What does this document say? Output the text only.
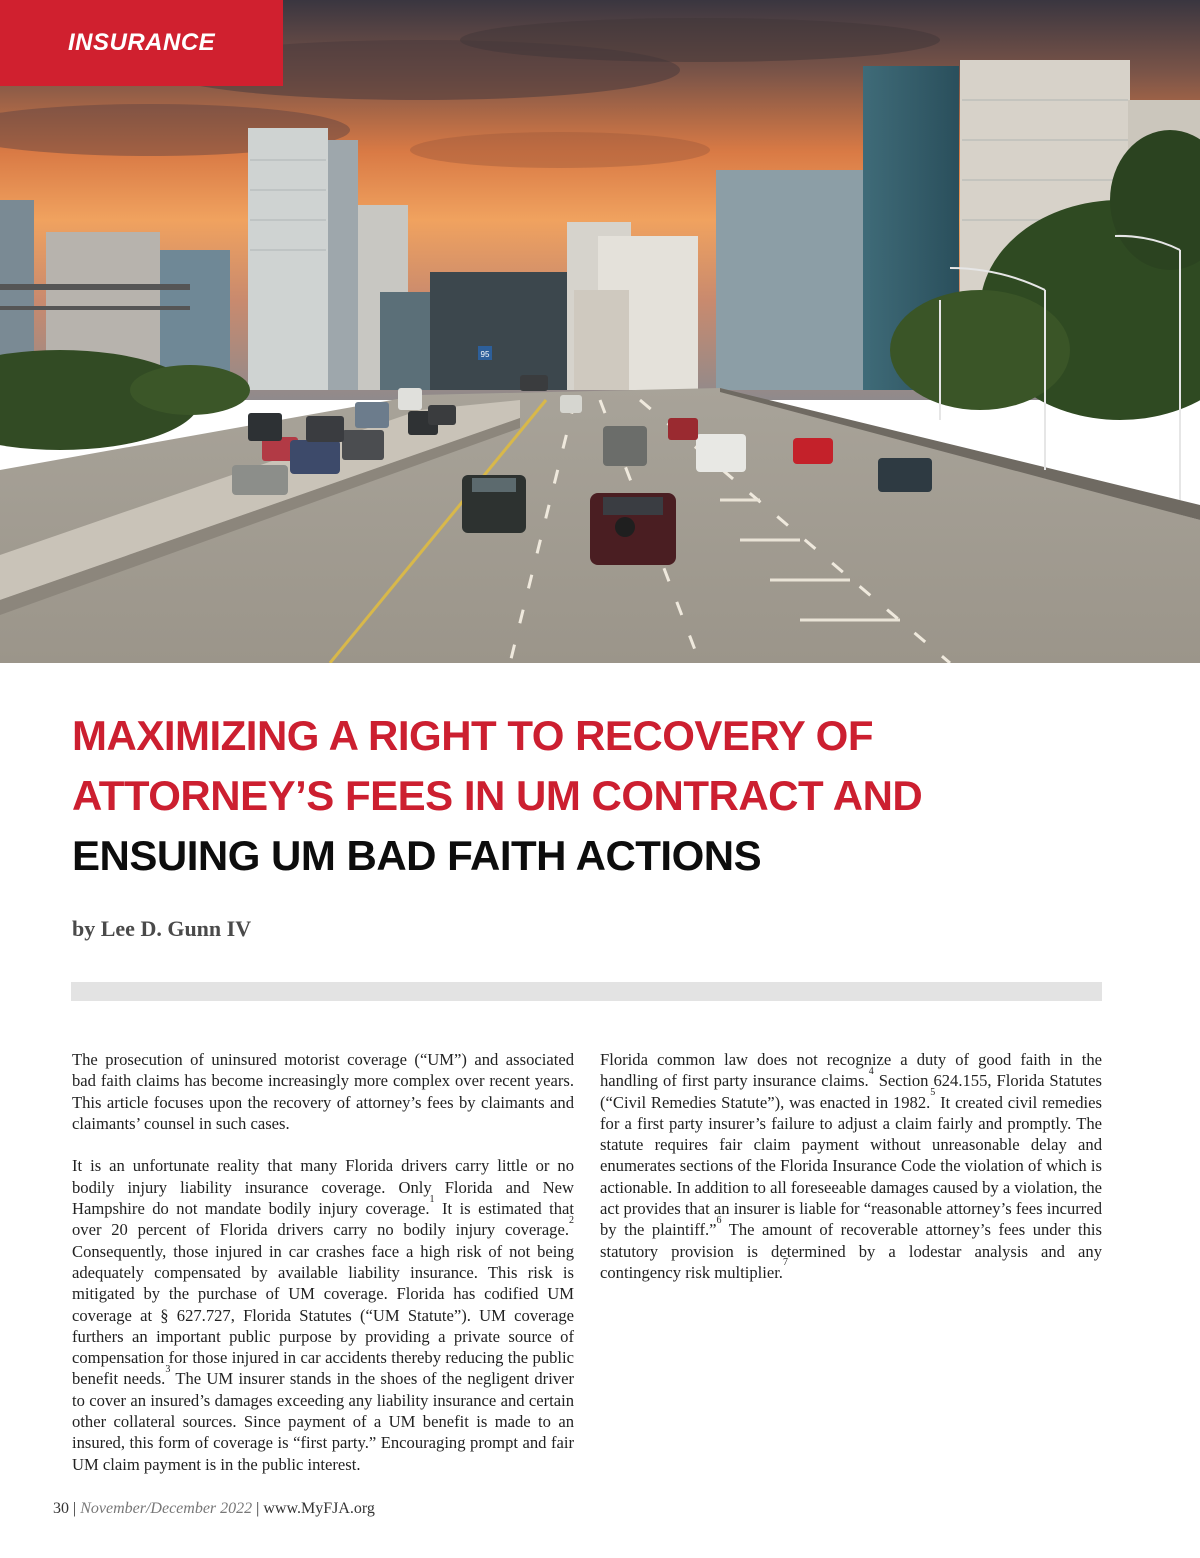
95
INSURANCE
MAXIMIZING A RIGHT TO RECOVERY OF
ATTORNEY’S FEES IN UM CONTRACT AND
ENSUING UM BAD FAITH ACTIONS

by Lee D. Gunn IV

The prosecution of uninsured motorist coverage (“UM”) and associated bad faith claims has become increasingly more complex over recent years. This article focuses upon the recovery of attorney’s fees by claimants and claimants’ counsel in such cases.

It is an unfortunate reality that many Florida drivers carry little or no bodily injury liability insurance coverage. Only Florida and New Hampshire do not mandate bodily injury coverage.$^1$ It is estimated that over 20 percent of Florida drivers carry no bodily injury coverage.$^2$ Consequently, those injured in car crashes face a high risk of not being adequately compensated by available liability insurance. This risk is mitigated by the purchase of UM coverage. Florida has codified UM coverage at § 627.727, Florida Statutes (“UM Statute”). UM coverage furthers an important public purpose by providing a private source of compensation for those injured in car accidents thereby reducing the public benefit needs.$^3$ The UM insurer stands in the shoes of the negligent driver to cover an insured’s damages exceeding any liability insurance and certain other collateral sources. Since payment of a UM benefit is made to an insured, this form of coverage is “first party.” Encouraging prompt and fair UM claim payment is in the public interest.

Florida common law does not recognize a duty of good faith in the handling of first party insurance claims.$^4$ Section 624.155, Florida Statutes (“Civil Remedies Statute”), was enacted in 1982.$^5$ It created civil remedies for a first party insurer’s failure to adjust a claim fairly and promptly. The statute requires fair claim payment without unreasonable delay and enumerates sections of the Florida Insurance Code the violation of which is actionable. In addition to all foreseeable damages caused by a violation, the act provides that an insurer is liable for “reasonable attorney’s fees incurred by the plaintiff.”$^6$ The amount of recoverable attorney’s fees under this statutory provision is determined by a lodestar analysis and any contingency risk multiplier.$^7$

30 | November/December 2022 | www.MyFJA.org
